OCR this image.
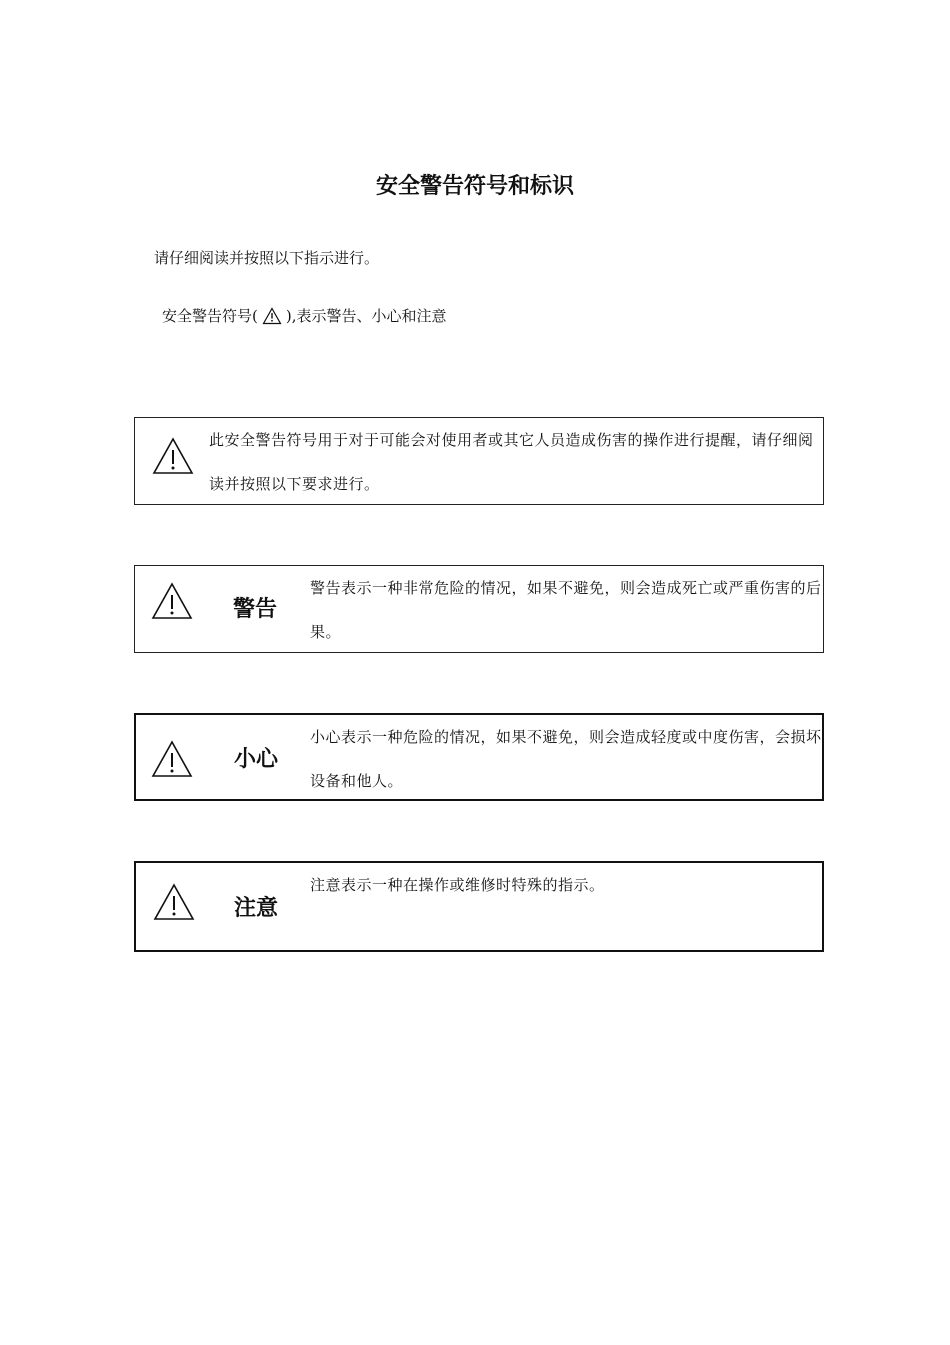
安全警告符号和标识
请仔细阅读并按照以下指示进行。
安全警告符号( ),表示警告、小心和注意
此安全警告符号用于对于可能会对使用者或其它人员造成伤害的操作进行提醒，请仔细阅读并按照以下要求进行。
警告
警告表示一种非常危险的情况，如果不避免，则会造成死亡或严重伤害的后果。
小心
小心表示一种危险的情况，如果不避免，则会造成轻度或中度伤害，会损坏设备和他人。
注意
注意表示一种在操作或维修时特殊的指示。
